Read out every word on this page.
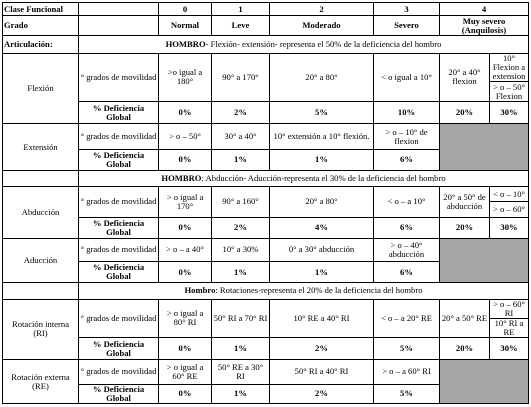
Clase Funcional		0	1	2	3	4	
Grado		Normal	Leve	Moderado	Severo	Muy severo (Anquilosis)	
Articulación:	HOMBRO- Flexión- extensión- representa el 50% de la deficiencia del hombro						
Flexión	° grados de movilidad	>o igual a 180°	90° a 170°	20° a 80°	< o igual a 10°	20° a 40° flexion	10° Flexion a extension
							> o – 50° Flexion
	% Deficiencia Global	0%	2%	5%	10%	20%	30%
Extensión	° grados de movilidad	> o – 50°	30° a 40°	10° extensión a 10° flexión.	> o – 10° de flexion		
	% Deficiencia Global	0%	1%	1%	6%		
	HOMBRO: Abducción- Aducción-representa el 30% de la deficiencia del hombro						
Abducción	° grados de movilidad	> o igual a 170°	90° a 160°	20° a 80°	< o – a 10°	20° a 50° de abducción	< o – 10°
							> o – 60°
	% Deficiencia Global	0%	2%	4%	6%	20%	30%
Aducción	° grados de movilidad	> o – a 40°	10° a 30%	0° a 30° abducción	> o – 40° abducción		
	% Deficiencia Global	0%	1%	1%	6%		
	Hombro: Rotaciones-representa el 20% de la deficiencia del hombro						
Rotación interna (RI)	° grados de movilidad	> o igual a 80° RI	50° RI a 70° RI	10° RE a 40° RI	< o – a 20° RE	20° a 50° RE	> o – 60° RI
							10° RI a RE
	% Deficiencia Global	0%	1%	2%	5%	20%	30%
Rotación externa (RE)	° grados de movilidad	> o igual a 60° RE	50° RE a 30° RI	50° RI a 40° RI	> o – a 60° RI		
	% Deficiencia Global	0%	1%	2%	5%		
